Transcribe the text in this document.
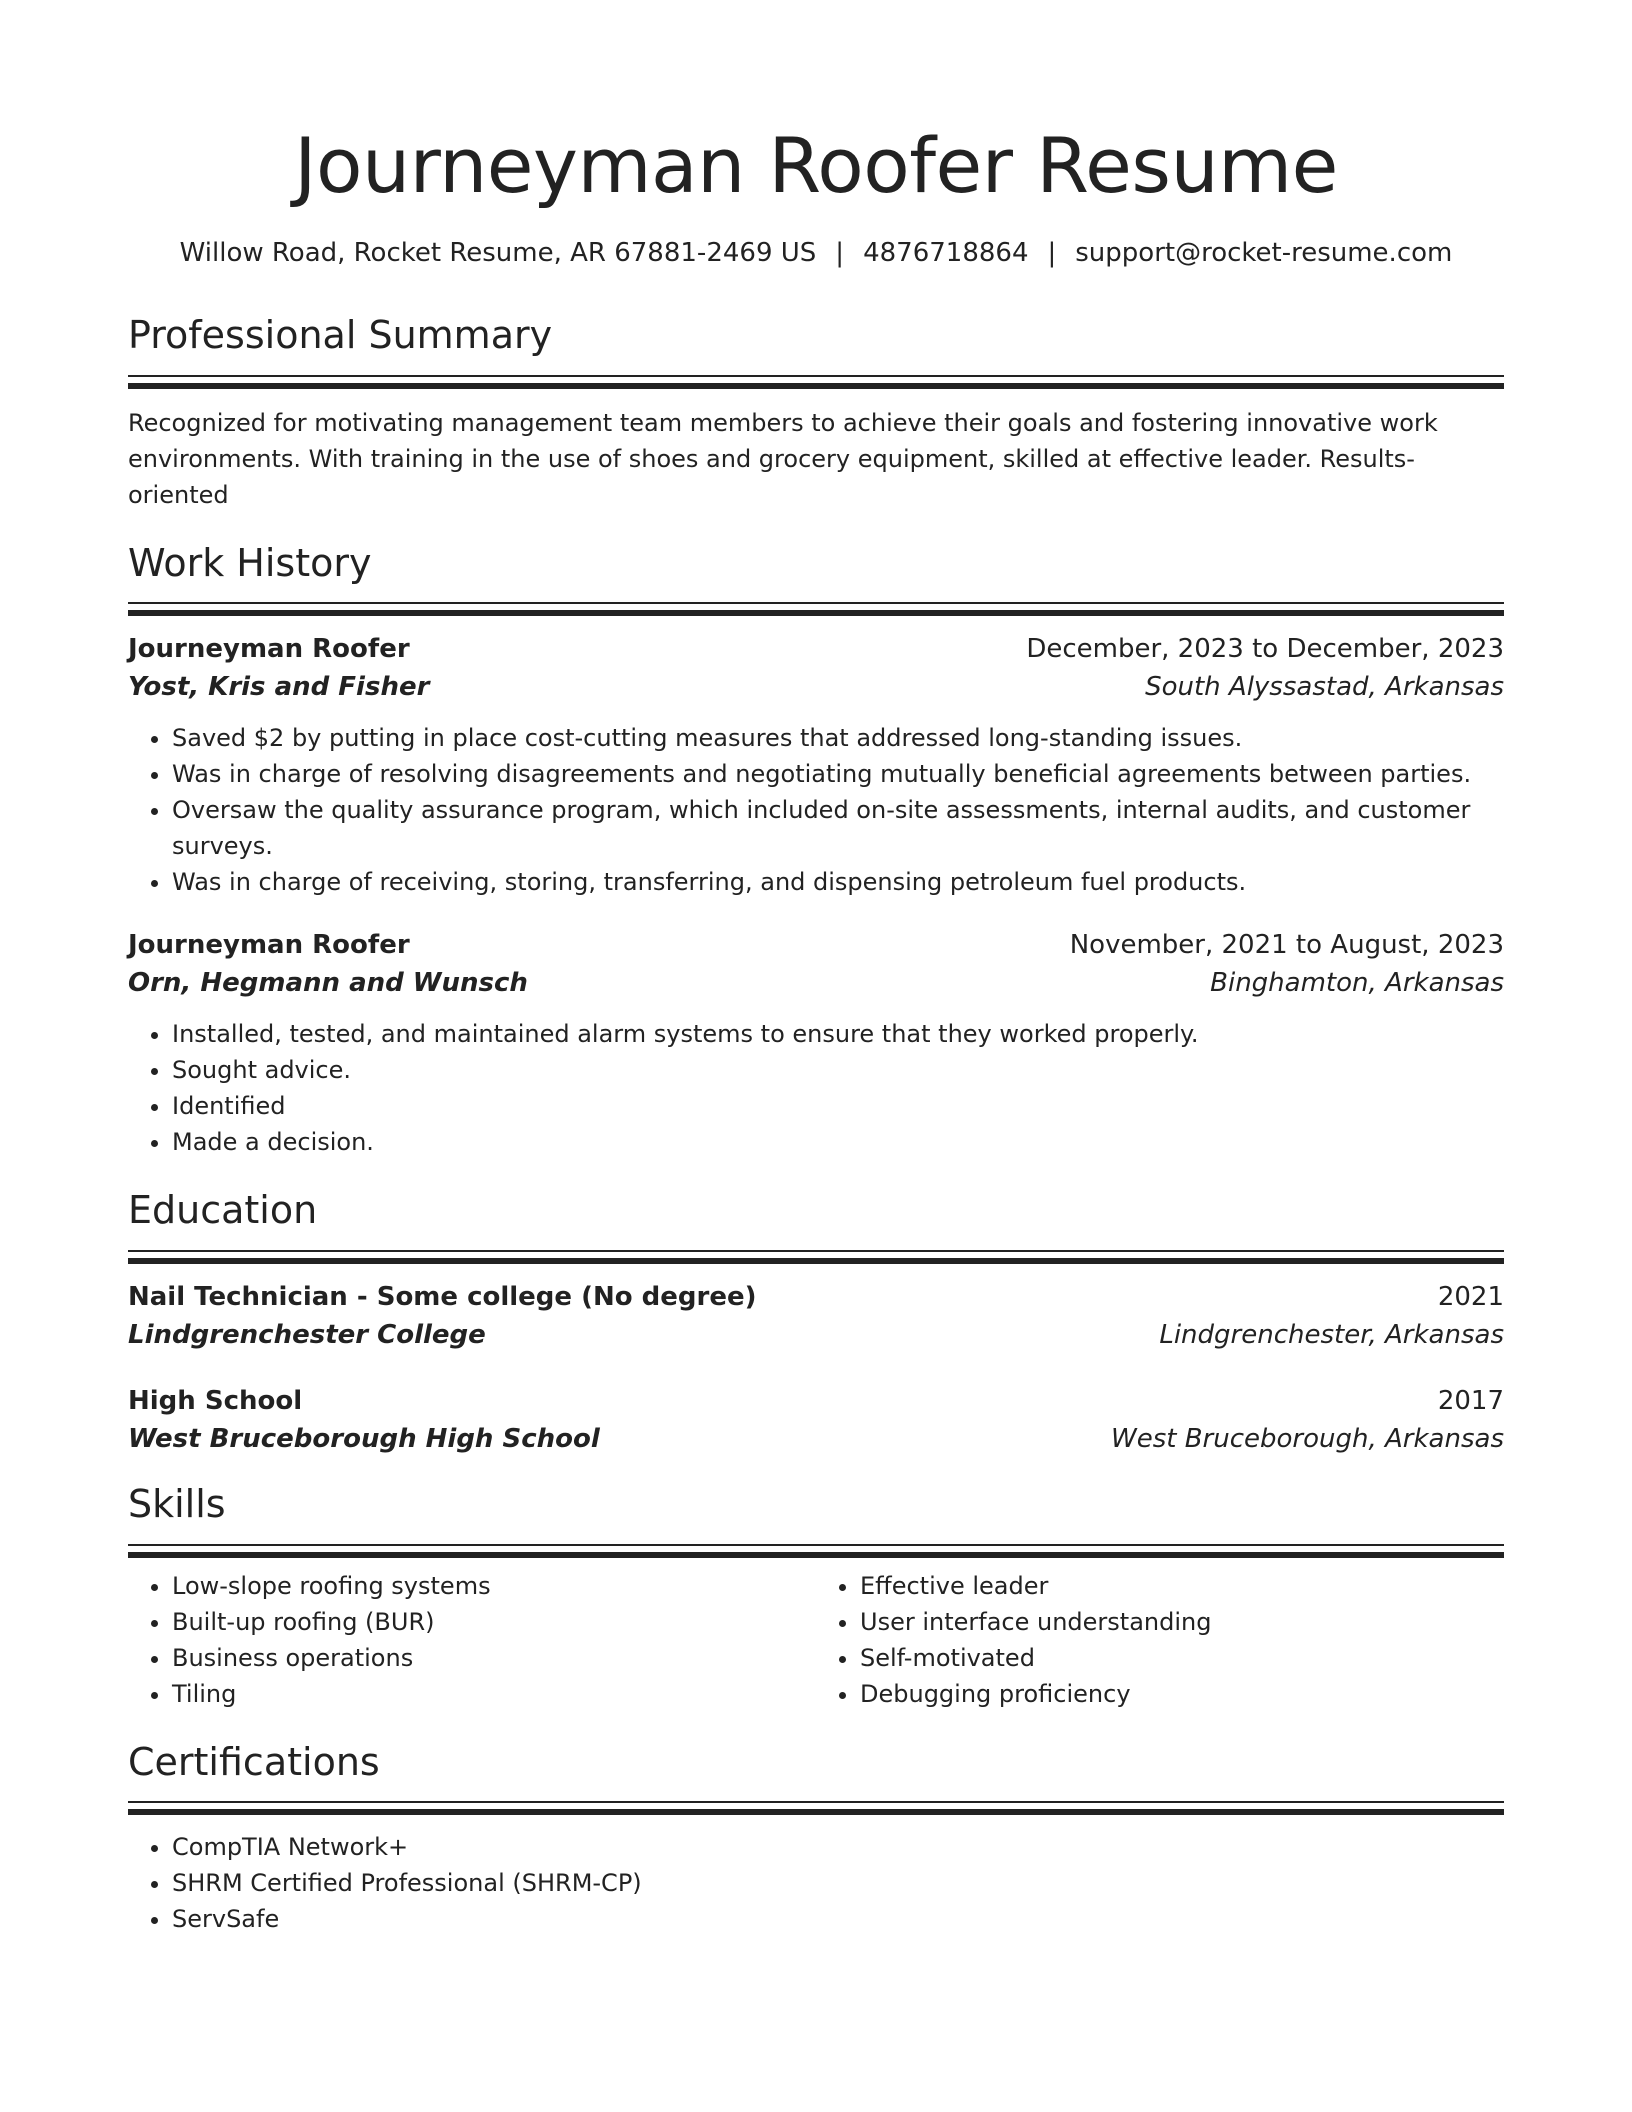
Journeyman Roofer Resume
Willow Road, Rocket Resume, AR 67881-2469 US | 4876718864 | support@rocket-resume.com
Professional Summary
Recognized for motivating management team members to achieve their goals and fostering innovative work environments. With training in the use of shoes and grocery equipment, skilled at effective leader. Results-oriented
Work History
Journeyman Roofer	December, 2023 to December, 2023
Yost, Kris and Fisher	South Alyssastad, Arkansas
• Saved $2 by putting in place cost-cutting measures that addressed long-standing issues.
• Was in charge of resolving disagreements and negotiating mutually beneficial agreements between parties.
• Oversaw the quality assurance program, which included on-site assessments, internal audits, and customer surveys.
• Was in charge of receiving, storing, transferring, and dispensing petroleum fuel products.
Journeyman Roofer	November, 2021 to August, 2023
Orn, Hegmann and Wunsch	Binghamton, Arkansas
• Installed, tested, and maintained alarm systems to ensure that they worked properly.
• Sought advice.
• Identified
• Made a decision.
Education
Nail Technician - Some college (No degree)	2021
Lindgrenchester College	Lindgrenchester, Arkansas
High School	2017
West Bruceborough High School	West Bruceborough, Arkansas
Skills
• Low-slope roofing systems
• Built-up roofing (BUR)
• Business operations
• Tiling
• Effective leader
• User interface understanding
• Self-motivated
• Debugging proficiency
Certifications
• CompTIA Network+
• SHRM Certified Professional (SHRM-CP)
• ServSafe
